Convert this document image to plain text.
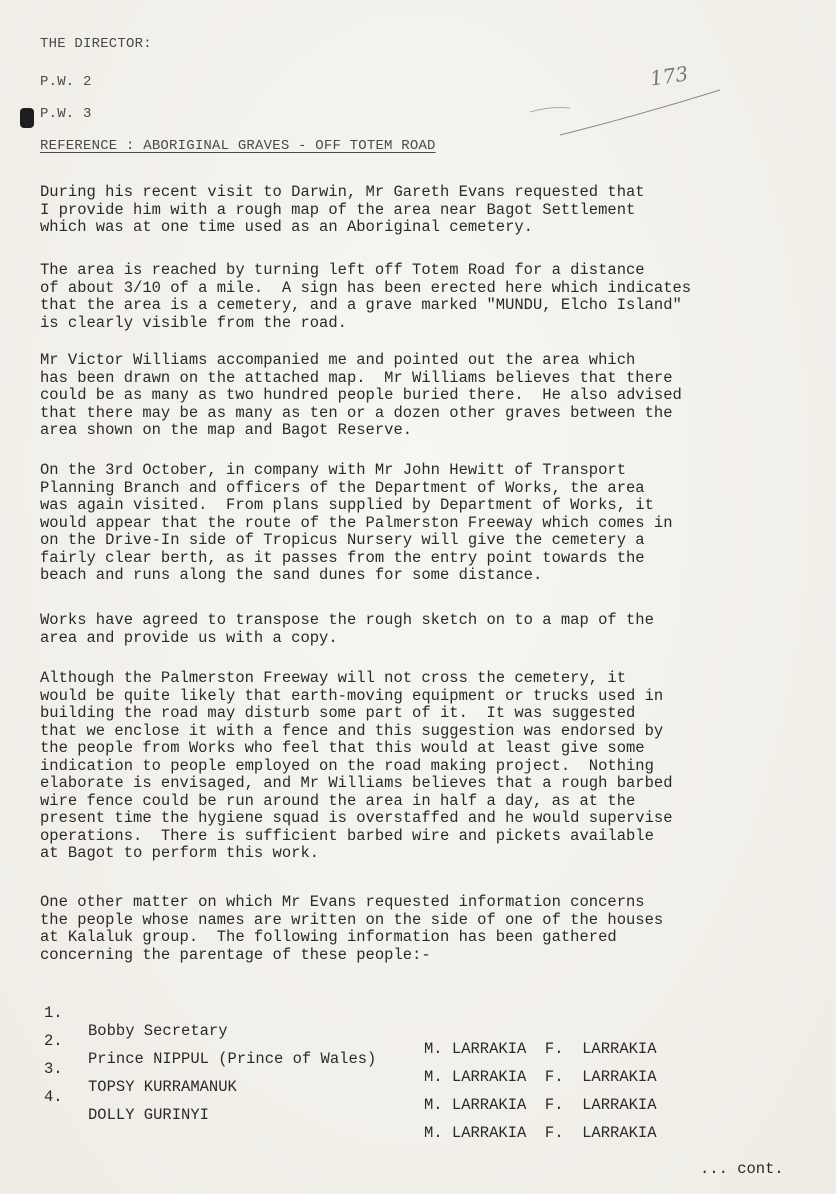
THE DIRECTOR:
P.W. 2
P.W. 3
173
REFERENCE : ABORIGINAL GRAVES - OFF TOTEM ROAD
During his recent visit to Darwin, Mr Gareth Evans requested that
I provide him with a rough map of the area near Bagot Settlement
which was at one time used as an Aboriginal cemetery.
The area is reached by turning left off Totem Road for a distance
of about 3/10 of a mile.  A sign has been erected here which indicates
that the area is a cemetery, and a grave marked "MUNDU, Elcho Island"
is clearly visible from the road.
Mr Victor Williams accompanied me and pointed out the area which
has been drawn on the attached map.  Mr Williams believes that there
could be as many as two hundred people buried there.  He also advised
that there may be as many as ten or a dozen other graves between the
area shown on the map and Bagot Reserve.
On the 3rd October, in company with Mr John Hewitt of Transport
Planning Branch and officers of the Department of Works, the area
was again visited.  From plans supplied by Department of Works, it
would appear that the route of the Palmerston Freeway which comes in
on the Drive-In side of Tropicus Nursery will give the cemetery a
fairly clear berth, as it passes from the entry point towards the
beach and runs along the sand dunes for some distance.
Works have agreed to transpose the rough sketch on to a map of the
area and provide us with a copy.
Although the Palmerston Freeway will not cross the cemetery, it
would be quite likely that earth-moving equipment or trucks used in
building the road may disturb some part of it.  It was suggested
that we enclose it with a fence and this suggestion was endorsed by
the people from Works who feel that this would at least give some
indication to people employed on the road making project.  Nothing
elaborate is envisaged, and Mr Williams believes that a rough barbed
wire fence could be run around the area in half a day, as at the
present time the hygiene squad is overstaffed and he would supervise
operations.  There is sufficient barbed wire and pickets available
at Bagot to perform this work.
One other matter on which Mr Evans requested information concerns
the people whose names are written on the side of one of the houses
at Kalaluk group.  The following information has been gathered
concerning the parentage of these people:-

1.

Bobby Secretary

M. LARRAKIA  F.  LARRAKIA

2.

Prince NIPPUL (Prince of Wales)

M. LARRAKIA  F.  LARRAKIA

3.

TOPSY KURRAMANUK

M. LARRAKIA  F.  LARRAKIA

4.

DOLLY GURINYI

M. LARRAKIA  F.  LARRAKIA

... cont.
